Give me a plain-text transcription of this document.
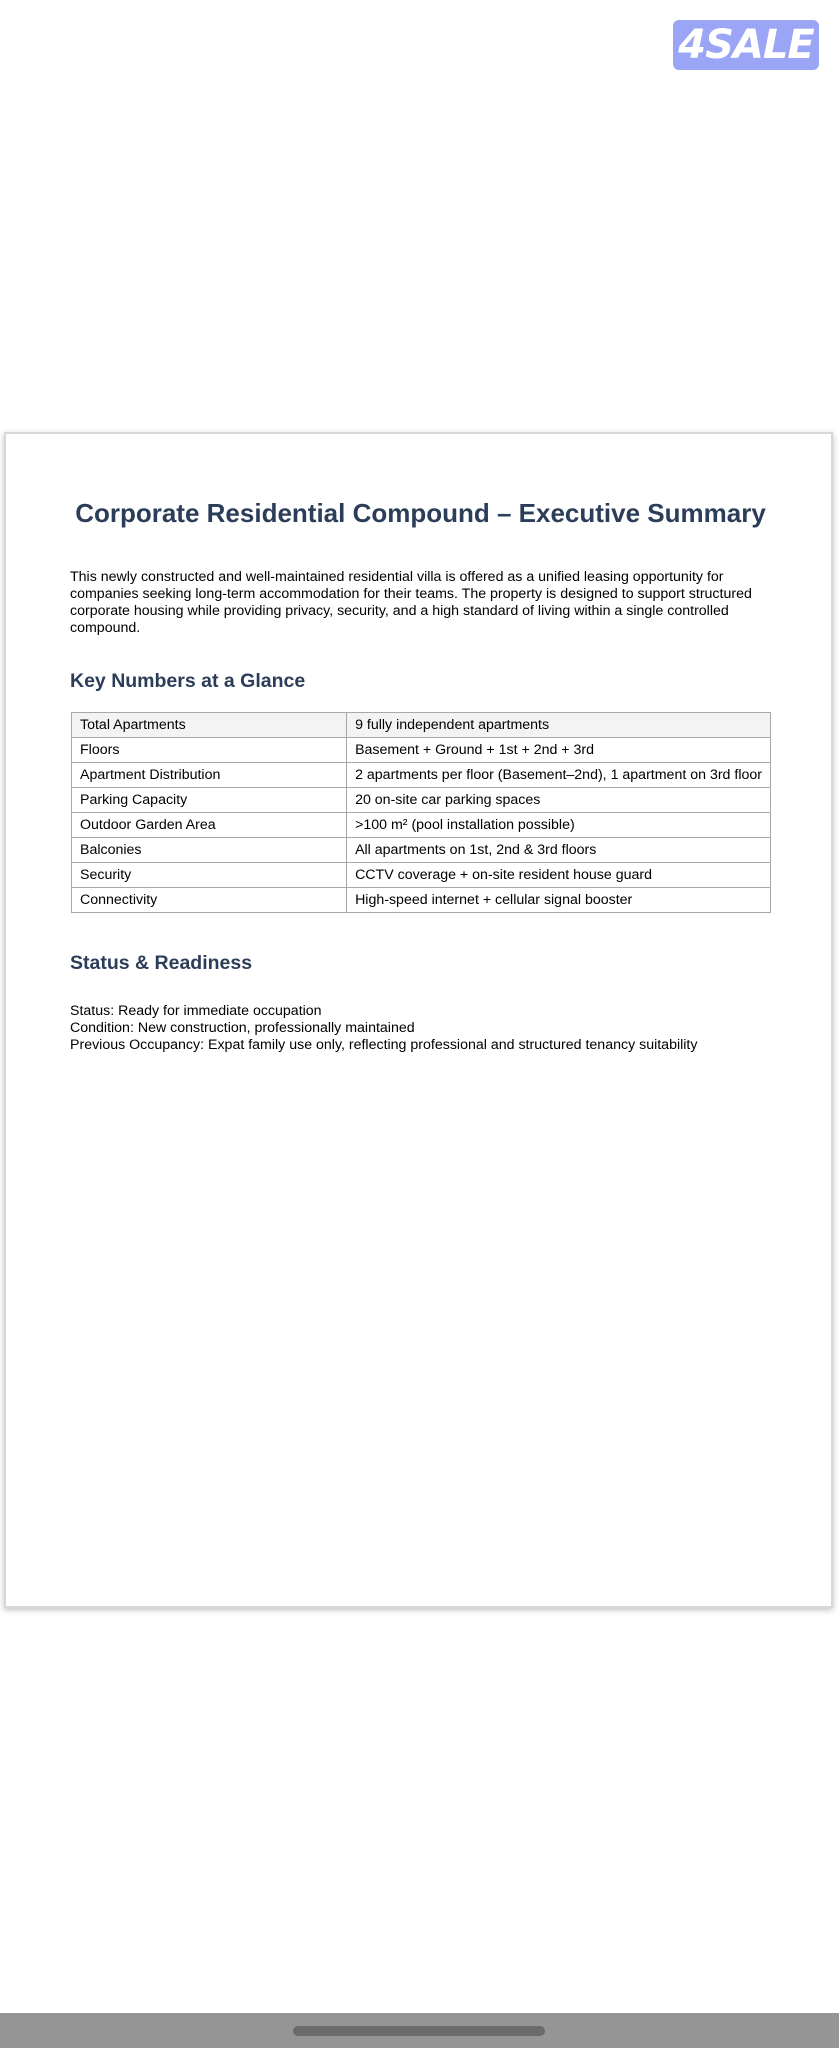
4SALE
Corporate Residential Compound – Executive Summary

This newly constructed and well-maintained residential villa is offered as a unified leasing opportunity for companies seeking long-term accommodation for their teams. The property is designed to support structured corporate housing while providing privacy, security, and a high standard of living within a single controlled compound.

Key Numbers at a Glance
Total Apartments	9 fully independent apartments
Floors	Basement + Ground + 1st + 2nd + 3rd
Apartment Distribution	2 apartments per floor (Basement–2nd), 1 apartment on 3rd floor
Parking Capacity	20 on-site car parking spaces
Outdoor Garden Area	>100 m² (pool installation possible)
Balconies	All apartments on 1st, 2nd & 3rd floors
Security	CCTV coverage + on-site resident house guard
Connectivity	High-speed internet + cellular signal booster
Status & Readiness
Status: Ready for immediate occupation
Condition: New construction, professionally maintained
Previous Occupancy: Expat family use only, reflecting professional and structured tenancy suitability
